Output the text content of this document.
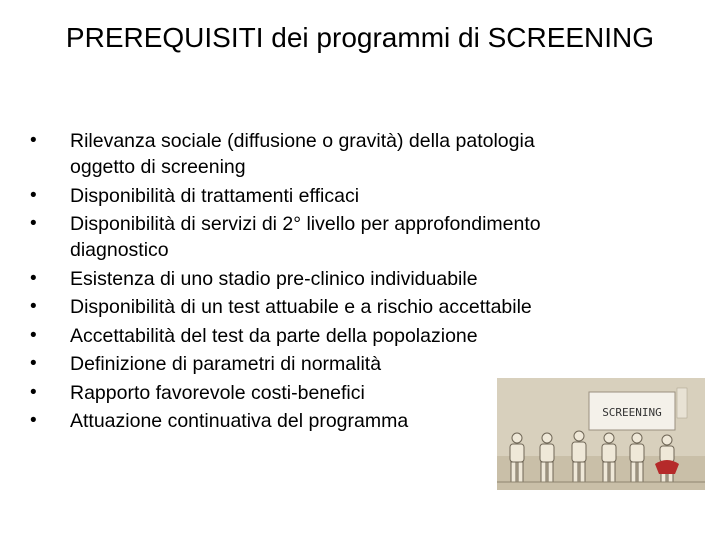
PREREQUISITI dei programmi di SCREENING
•	Rilevanza sociale (diffusione o gravità) della patologia
oggetto di screening
•	Disponibilità di trattamenti efficaci
•	Disponibilità di servizi di 2° livello per approfondimento
diagnostico
•	Esistenza di uno stadio pre-clinico individuabile
•	Disponibilità di un test attuabile e a rischio accettabile
•	Accettabilità del test da parte della popolazione
•	Definizione di parametri di normalità
•	Rapporto favorevole costi-benefici
•	Attuazione continuativa del programma	SCREENING
